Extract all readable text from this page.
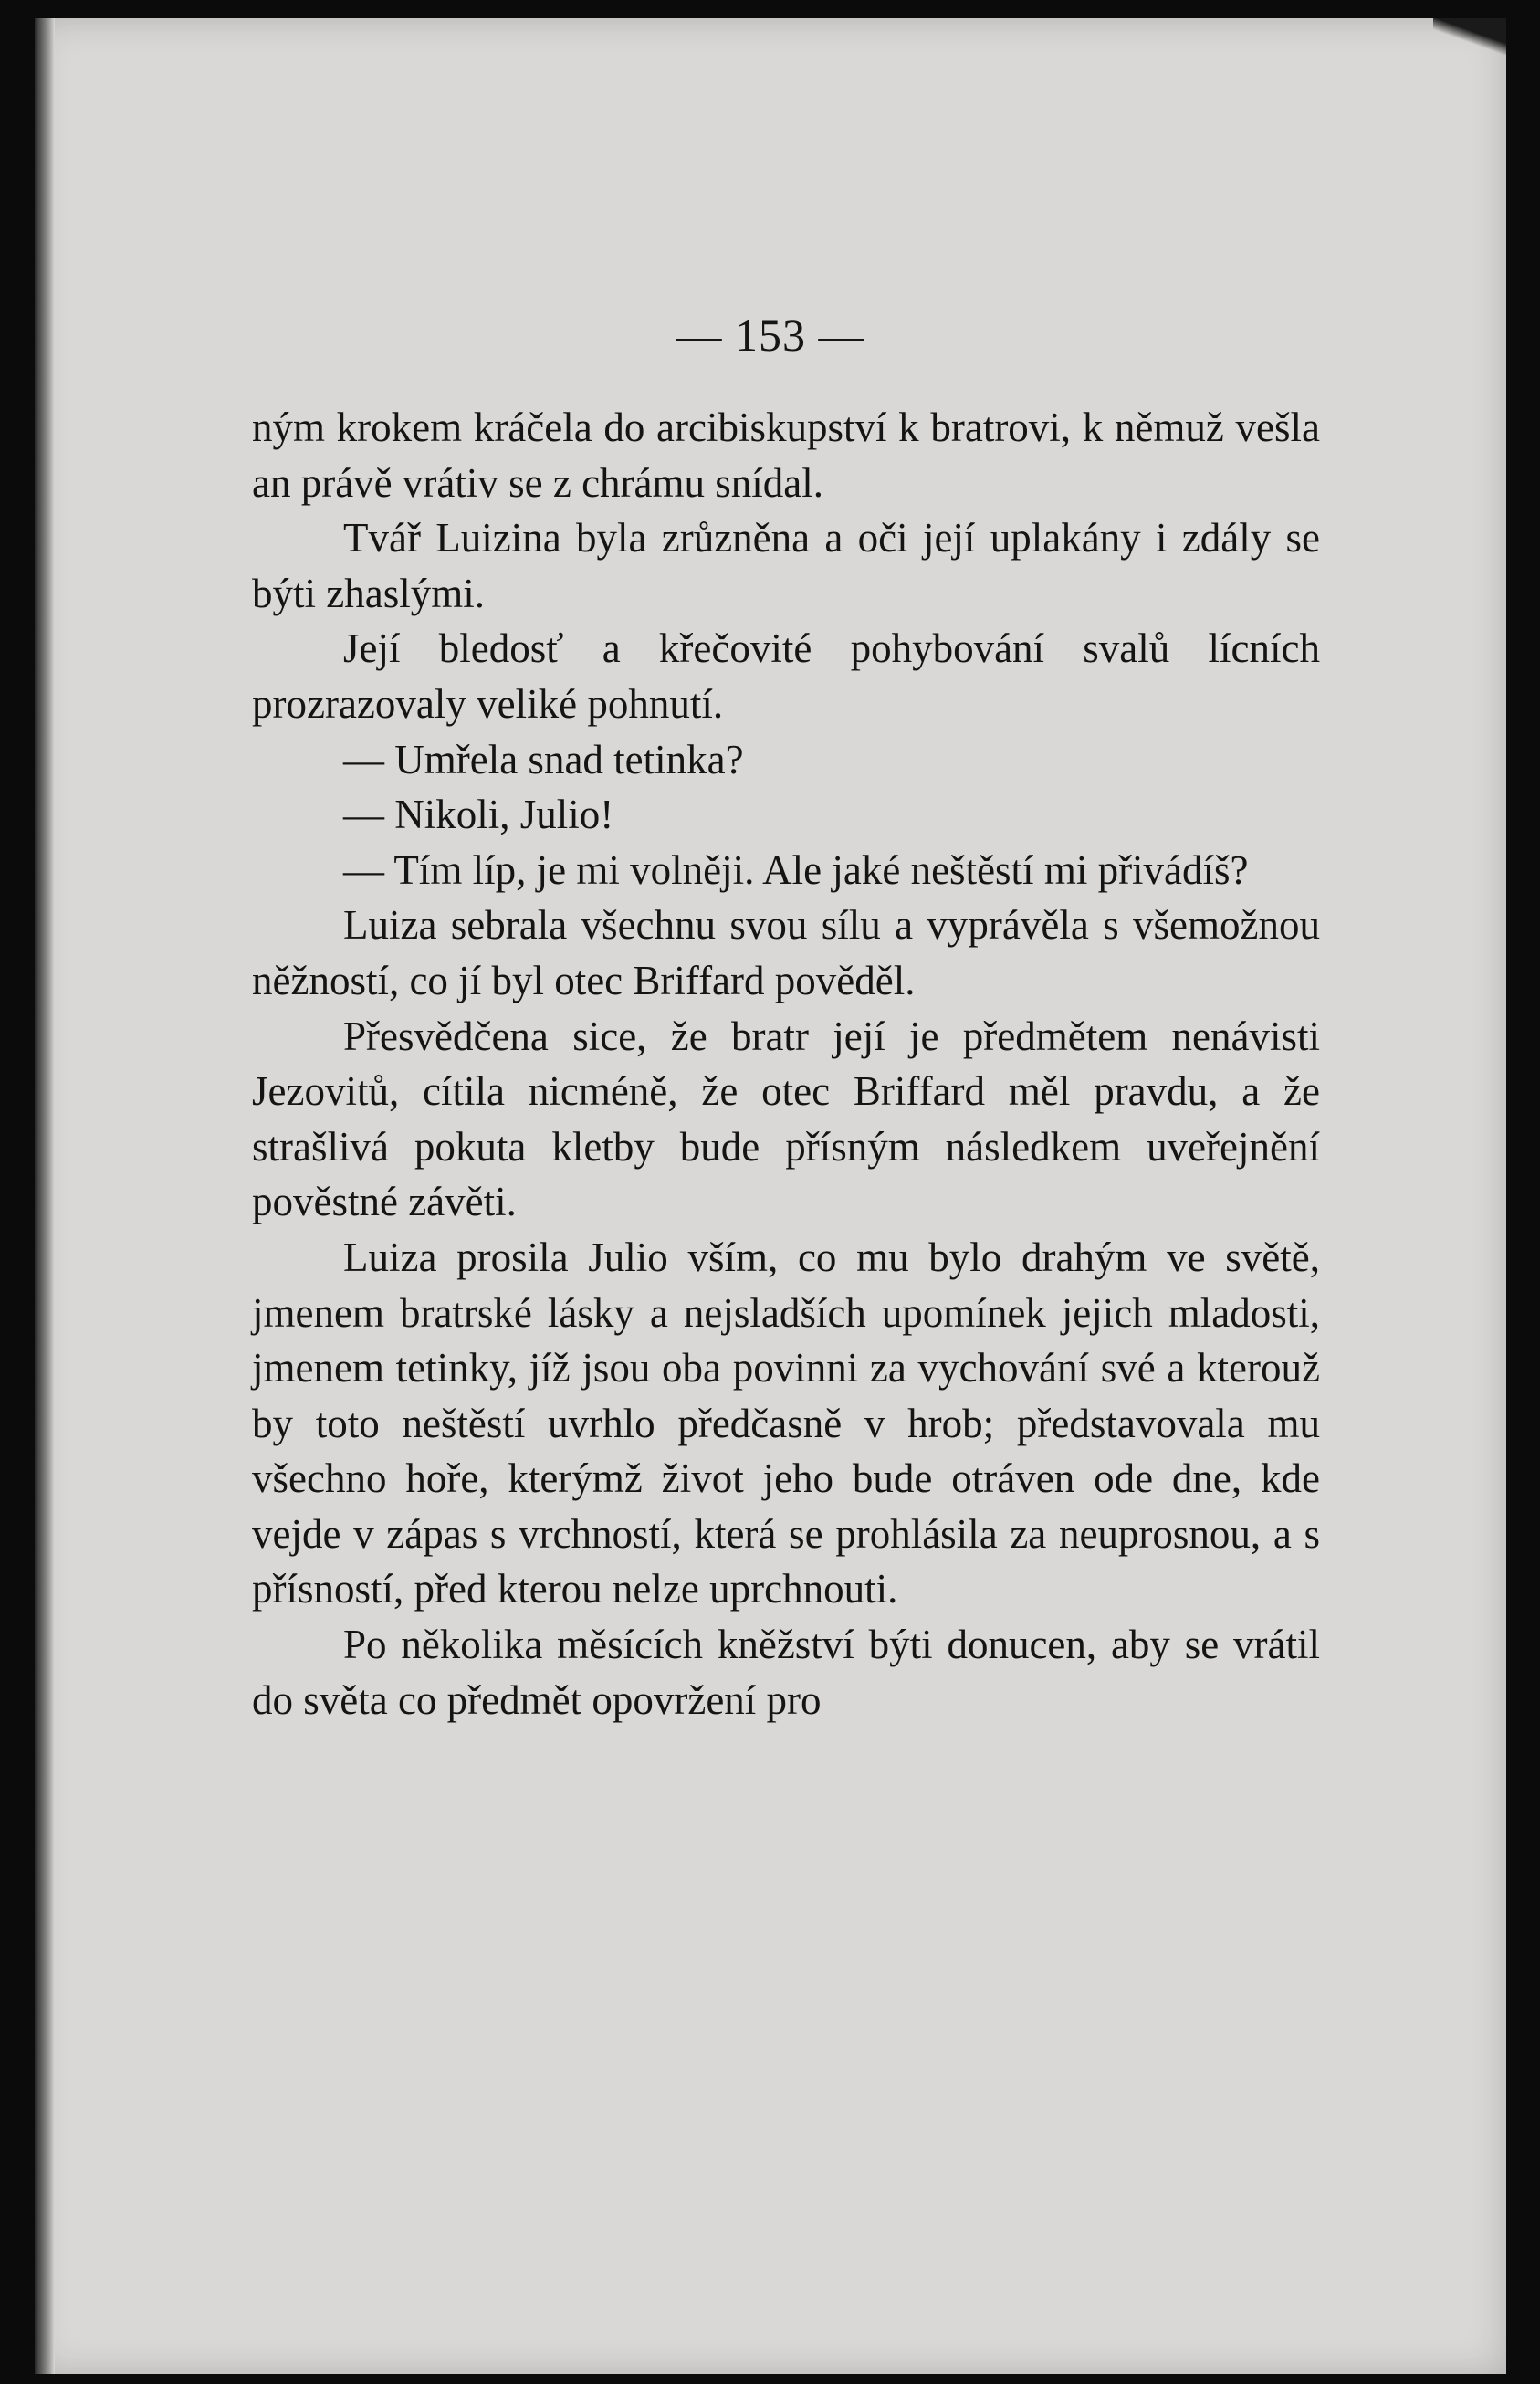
— 153 —

ným krokem kráčela do arcibiskupství k bratrovi, k němuž vešla an právě vrátiv se z chrámu snídal.

Tvář Luizina byla zrůzněna a oči její uplakány i zdály se býti zhaslými.

Její bledosť a křečovité pohybování svalů lícních prozrazovaly veliké pohnutí.

— Umřela snad tetinka?

— Nikoli, Julio!

— Tím líp, je mi volněji. Ale jaké neštěstí mi přivádíš?

Luiza sebrala všechnu svou sílu a vyprávěla s všemožnou něžností, co jí byl otec Briffard pověděl.

Přesvědčena sice, že bratr její je předmětem nenávisti Jezovitů, cítila nicméně, že otec Briffard měl pravdu, a že strašlivá pokuta kletby bude přísným následkem uveřejnění pověstné závěti.

Luiza prosila Julio vším, co mu bylo drahým ve světě, jmenem bratrské lásky a nejsladších upomínek jejich mladosti, jmenem tetinky, jíž jsou oba povinni za vychování své a kterouž by toto neštěstí uvrhlo předčasně v hrob; představovala mu všechno hoře, kterýmž život jeho bude otráven ode dne, kde vejde v zápas s vrchností, která se prohlásila za neuprosnou, a s přísností, před kterou nelze uprchnouti.

Po několika měsících kněžství býti donucen, aby se vrátil do světa co předmět opovržení pro
